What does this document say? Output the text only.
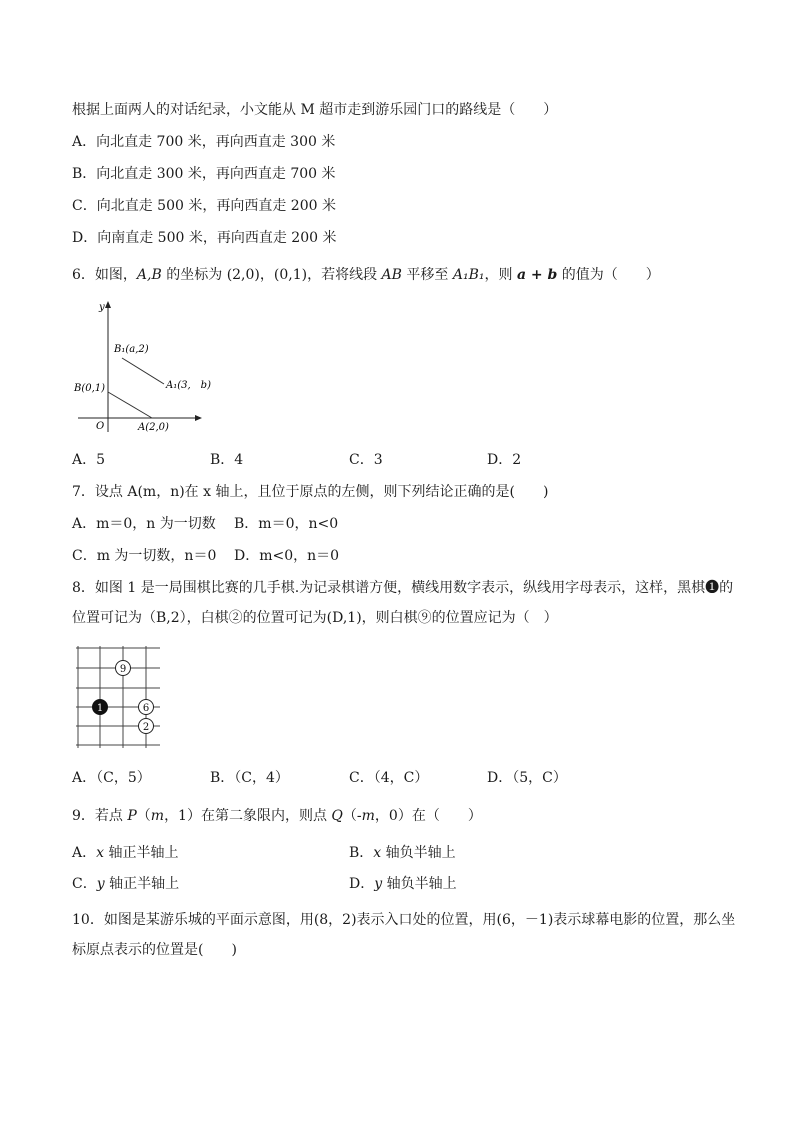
根据上面两人的对话纪录，小文能从 M 超市走到游乐园门口的路线是（　　）
A．向北直走 700 米，再向西直走 300 米
B．向北直走 300 米，再向西直走 700 米
C．向北直走 500 米，再向西直走 200 米
D．向南直走 500 米，再向西直走 200 米
6．如图，A,B 的坐标为 (2,0)，(0,1)，若将线段 AB 平移至 A₁B₁，则 a + b 的值为（　　）
y
O
B₁(a,2)
A₁(3,　b)
B(0,1)
A(2,0)
A．5	B．4	C．3	D．2
7．设点 A(m，n)在 x 轴上，且位于原点的左侧，则下列结论正确的是(　　)
A．m＝0，n 为一切数 B．m＝0，n<0
C．m 为一切数，n＝0 D．m<0，n＝0
8．如图 1 是一局围棋比赛的几手棋.为记录棋谱方便，横线用数字表示，纵线用字母表示，这样，黑棋❶的
位置可记为（B,2），白棋②的位置可记为(D,1)，则白棋⑨的位置应记为（　）
9
1	6
2
A．（C，5）	B．（C，4）	C．（4，C）	D．（5，C）
9．若点 P（m，1）在第二象限内，则点 Q（-m，0）在（　　）
A．x 轴正半轴上	B．x 轴负半轴上
C．y 轴正半轴上	D．y 轴负半轴上
10．如图是某游乐城的平面示意图，用(8，2)表示入口处的位置，用(6，－1)表示球幕电影的位置，那么坐
标原点表示的位置是(　　)
